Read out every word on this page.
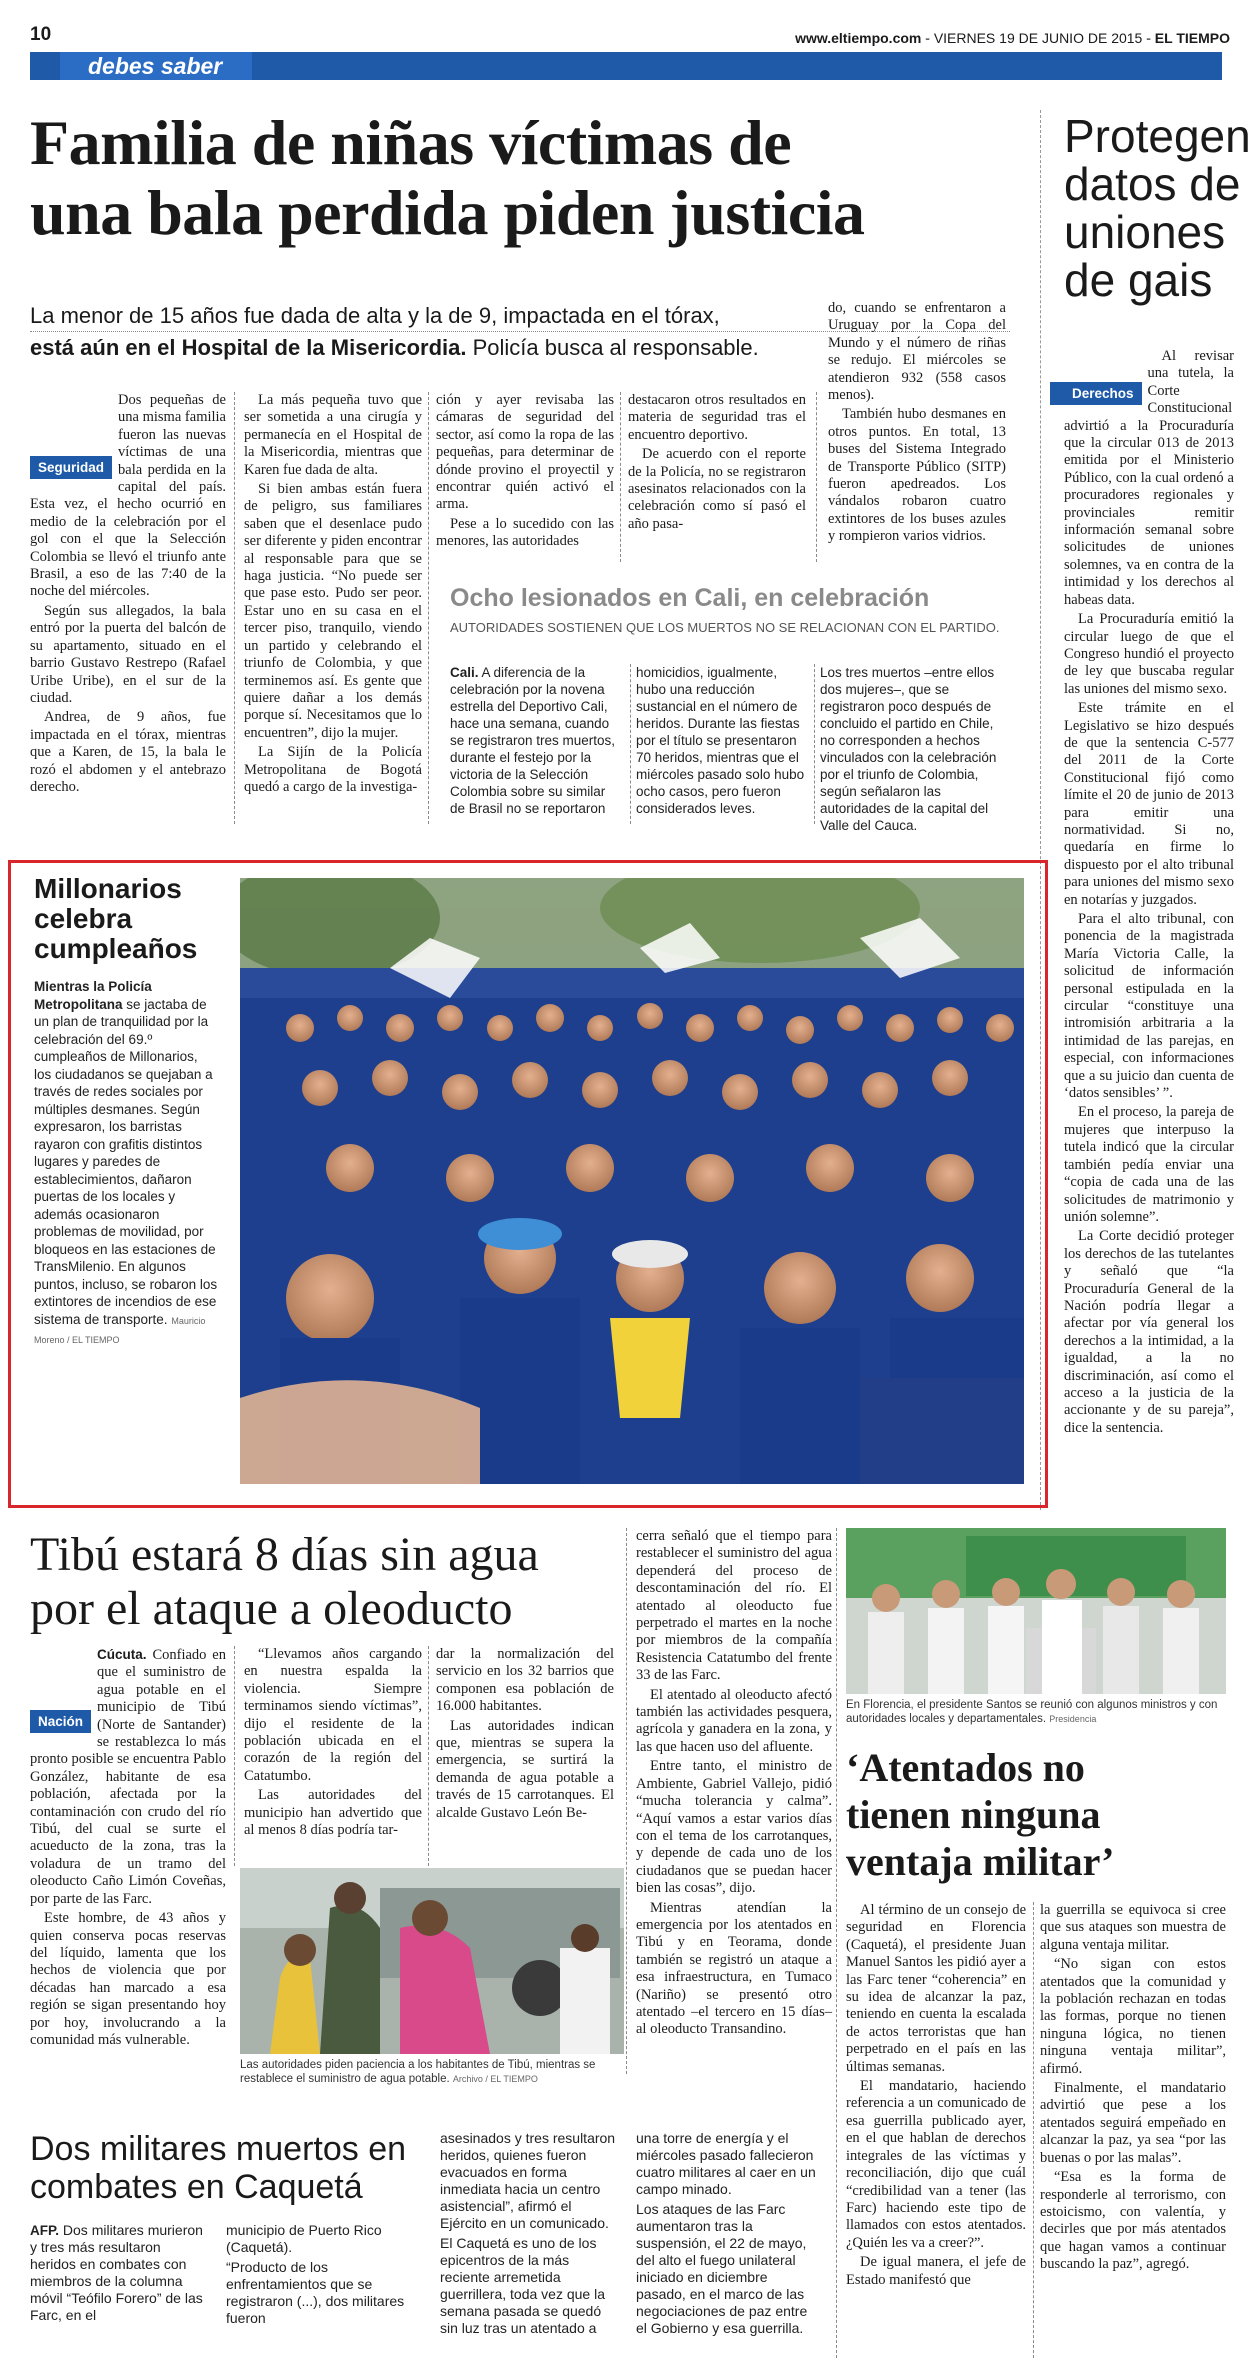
10	www.eltiempo.com - VIERNES 19 DE JUNIO DE 2015 - EL TIEMPO
debes saber
Familia de niñas víctimas de
una bala perdida piden justicia
La menor de 15 años fue dada de alta y la de 9, impactada en el tórax,
está aún en el Hospital de la Misericordia. Policía busca al responsable.

Seguridad
Dos pequeñas de una misma familia fueron las nuevas víctimas de una bala perdida en la capital del país. Esta vez, el hecho ocurrió en medio de la celebración por el gol con el que la Selección Colombia se llevó el triunfo ante Brasil, a eso de las 7:40 de la noche del miércoles.

Según sus allegados, la bala entró por la puerta del balcón de su apartamento, situado en el barrio Gustavo Restrepo (Rafael Uribe Uribe), en el sur de la ciudad.

Andrea, de 9 años, fue impactada en el tórax, mientras que a Karen, de 15, la bala le rozó el abdomen y el antebrazo derecho.

La más pequeña tuvo que ser sometida a una cirugía y permanecía en el Hospital de la Misericordia, mientras que Karen fue dada de alta.

Si bien ambas están fuera de peligro, sus familiares saben que el desenlace pudo ser diferente y piden encontrar al responsable para que se haga justicia. “No puede ser que pase esto. Pudo ser peor. Estar uno en su casa en el tercer piso, tranquilo, viendo un partido y celebrando el triunfo de Colombia, y que terminemos así. Es gente que quiere dañar a los demás porque sí. Necesitamos que lo encuentren”, dijo la mujer.

La Sijín de la Policía Metropolitana de Bogotá quedó a cargo de la investiga-

ción y ayer revisaba las cámaras de seguridad del sector, así como la ropa de las pequeñas, para determinar de dónde provino el proyectil y encontrar quién activó el arma.

Pese a lo sucedido con las menores, las autoridades

destacaron otros resultados en materia de seguridad tras el encuentro deportivo.

De acuerdo con el reporte de la Policía, no se registraron asesinatos relacionados con la celebración como sí pasó el año pasa-

do, cuando se enfrentaron a Uruguay por la Copa del Mundo y el número de riñas se redujo. El miércoles se atendieron 932 (558 casos menos).

También hubo desmanes en otros puntos. En total, 13 buses del Sistema Integrado de Transporte Público (SITP) fueron apedreados. Los vándalos robaron cuatro extintores de los buses azules y rompieron varios vidrios.

Ocho lesionados en Cali, en celebración
AUTORIDADES SOSTIENEN QUE LOS MUERTOS NO SE RELACIONAN CON EL PARTIDO.

Cali. A diferencia de la celebración por la novena estrella del Deportivo Cali, hace una semana, cuando se registraron tres muertos, durante el festejo por la victoria de la Selección Colombia sobre su similar de Brasil no se reportaron

homicidios, igualmente, hubo una reducción sustancial en el número de heridos. Durante las fiestas por el título se presentaron 70 heridos, mientras que el miércoles pasado solo hubo ocho casos, pero fueron considerados leves.

Los tres muertos –entre ellos dos mujeres–, que se registraron poco después de concluido el partido en Chile, no corresponden a hechos vinculados con la celebración por el triunfo de Colombia, según señalaron las autoridades de la capital del Valle del Cauca.

Protegen
datos de
uniones
de gais

Derechos
Al revisar una tutela, la Corte Constitucional advirtió a la Procuraduría que la circular 013 de 2013 emitida por el Ministerio Público, con la cual ordenó a procuradores regionales y provinciales remitir información semanal sobre solicitudes de uniones solemnes, va en contra de la intimidad y los derechos al habeas data.

La Procuraduría emitió la circular luego de que el Congreso hundió el proyecto de ley que buscaba regular las uniones del mismo sexo.

Este trámite en el Legislativo se hizo después de que la sentencia C-577 del 2011 de la Corte Constitucional fijó como límite el 20 de junio de 2013 para emitir una normatividad. Si no, quedaría en firme lo dispuesto por el alto tribunal para uniones del mismo sexo en notarías y juzgados.

Para el alto tribunal, con ponencia de la magistrada María Victoria Calle, la solicitud de información personal estipulada en la circular “constituye una intromisión arbitraria a la intimidad de las parejas, en especial, con informaciones que a su juicio dan cuenta de ‘datos sensibles’ ”.

En el proceso, la pareja de mujeres que interpuso la tutela indicó que la circular también pedía enviar una “copia de cada una de las solicitudes de matrimonio y unión solemne”.

La Corte decidió proteger los derechos de las tutelantes y señaló que “la Procuraduría General de la Nación podría llegar a afectar por vía general los derechos a la intimidad, a la igualdad, a la no discriminación, así como el acceso a la justicia de la accionante y de su pareja”, dice la sentencia.

Millonarios
celebra
cumpleaños
Mientras la Policía Metropolitana se jactaba de un plan de tranquilidad por la celebración del 69.º cumpleaños de Millonarios, los ciudadanos se quejaban a través de redes sociales por múltiples desmanes. Según expresaron, los barristas rayaron con grafitis distintos lugares y paredes de establecimientos, dañaron puertas de los locales y además ocasionaron problemas de movilidad, por bloqueos en las estaciones de TransMilenio. En algunos puntos, incluso, se robaron los extintores de incendios de ese sistema de transporte. Mauricio Moreno / EL TIEMPO
Tibú estará 8 días sin agua
por el ataque a oleoducto

Cúcuta.
Nación
Confiado en que el suministro de agua potable en el municipio de Tibú (Norte de Santander) se restablezca lo más pronto posible se encuentra Pablo González, habitante de esa población, afectada por la contaminación con crudo del río Tibú, del cual se surte el acueducto de la zona, tras la voladura de un tramo del oleoducto Caño Limón Coveñas, por parte de las Farc.

Este hombre, de 43 años y quien conserva pocas reservas del líquido, lamenta que los hechos de violencia que por décadas han marcado a esa región se sigan presentando hoy por hoy, involucrando a la comunidad más vulnerable.

“Llevamos años cargando en nuestra espalda la violencia. Siempre terminamos siendo víctimas”, dijo el residente de la población ubicada en el corazón de la región del Catatumbo.

Las autoridades del municipio han advertido que al menos 8 días podría tar-

dar la normalización del servicio en los 32 barrios que componen esa población de 16.000 habitantes.

Las autoridades indican que, mientras se supera la emergencia, se surtirá la demanda de agua potable a través de 15 carrotanques. El alcalde Gustavo León Be-

cerra señaló que el tiempo para restablecer el suministro del agua dependerá del proceso de descontaminación del río. El atentado al oleoducto fue perpetrado el martes en la noche por miembros de la compañía Resistencia Catatumbo del frente 33 de las Farc.

El atentado al oleoducto afectó también las actividades pesquera, agrícola y ganadera en la zona, y las que hacen uso del afluente.

Entre tanto, el ministro de Ambiente, Gabriel Vallejo, pidió “mucha tolerancia y calma”. “Aquí vamos a estar varios días con el tema de los carrotanques, y depende de cada uno de los ciudadanos que se puedan hacer bien las cosas”, dijo.

Mientras atendían la emergencia por los atentados en Tibú y en Teorama, donde también se registró un ataque a esa infraestructura, en Tumaco (Nariño) se presentó otro atentado –el tercero en 15 días– al oleoducto Transandino.

Las autoridades piden paciencia a los habitantes de Tibú, mientras se restablece el suministro de agua potable. Archivo / EL TIEMPO
Dos militares muertos en
combates en Caquetá

AFP. Dos militares murieron y tres más resultaron heridos en combates con miembros de la columna móvil “Teófilo Forero” de las Farc, en el

municipio de Puerto Rico (Caquetá).

“Producto de los enfrentamientos que se registraron (...), dos militares fueron

asesinados y tres resultaron heridos, quienes fueron evacuados en forma inmediata hacia un centro asistencial”, afirmó el Ejército en un comunicado.

El Caquetá es uno de los epicentros de la más reciente arremetida guerrillera, toda vez que la semana pasada se quedó sin luz tras un atentado a

una torre de energía y el miércoles pasado fallecieron cuatro militares al caer en un campo minado.

Los ataques de las Farc aumentaron tras la suspensión, el 22 de mayo, del alto el fuego unilateral iniciado en diciembre pasado, en el marco de las negociaciones de paz entre el Gobierno y esa guerrilla.

En Florencia, el presidente Santos se reunió con algunos ministros y con autoridades locales y departamentales. Presidencia
‘Atentados no
tienen ninguna
ventaja militar’

Al término de un consejo de seguridad en Florencia (Caquetá), el presidente Juan Manuel Santos les pidió ayer a las Farc tener “coherencia” en su idea de alcanzar la paz, teniendo en cuenta la escalada de actos terroristas que han perpetrado en el país en las últimas semanas.

El mandatario, haciendo referencia a un comunicado de esa guerrilla publicado ayer, en el que hablan de derechos integrales de las víctimas y reconciliación, dijo que cuál “credibilidad van a tener (las Farc) haciendo este tipo de llamados con estos atentados. ¿Quién les va a creer?”.

De igual manera, el jefe de Estado manifestó que

la guerrilla se equivoca si cree que sus ataques son muestra de alguna ventaja militar.

“No sigan con estos atentados que la comunidad y la población rechazan en todas las formas, porque no tienen ninguna lógica, no tienen ninguna ventaja militar”, afirmó.

Finalmente, el mandatario advirtió que pese a los atentados seguirá empeñado en alcanzar la paz, ya sea “por las buenas o por las malas”.

“Esa es la forma de responderle al terrorismo, con estoicismo, con valentía, y decirles que por más atentados que hagan vamos a continuar buscando la paz”, agregó.
